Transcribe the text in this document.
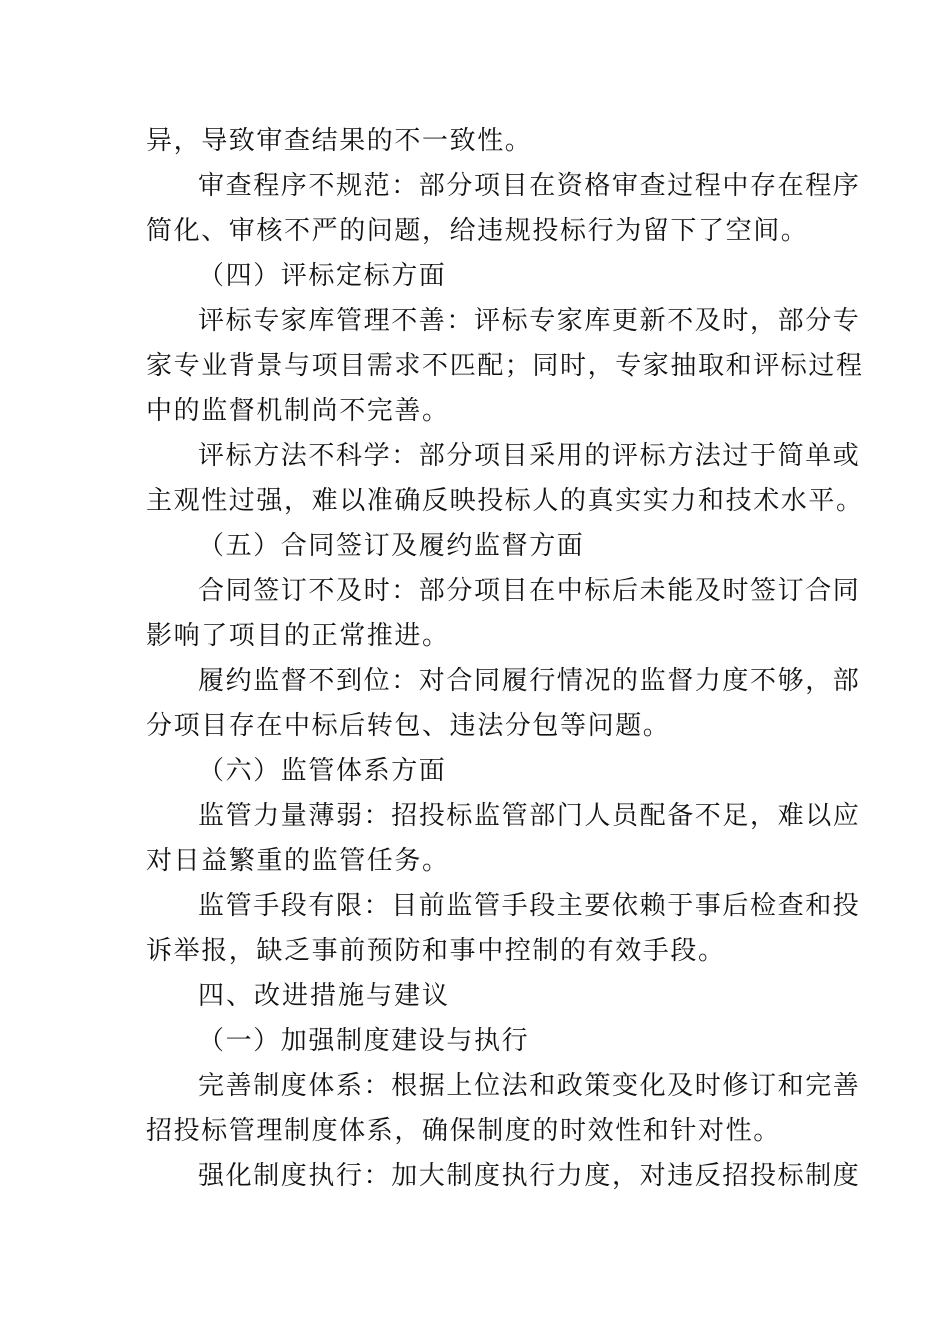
异，导致审查结果的不一致性。
审查程序不规范：部分项目在资格审查过程中存在程序
简化、审核不严的问题，给违规投标行为留下了空间。
（四）评标定标方面
评标专家库管理不善：评标专家库更新不及时，部分专
家专业背景与项目需求不匹配；同时，专家抽取和评标过程
中的监督机制尚不完善。
评标方法不科学：部分项目采用的评标方法过于简单或
主观性过强，难以准确反映投标人的真实实力和技术水平。
（五）合同签订及履约监督方面
合同签订不及时：部分项目在中标后未能及时签订合同
影响了项目的正常推进。
履约监督不到位：对合同履行情况的监督力度不够，部
分项目存在中标后转包、违法分包等问题。
（六）监管体系方面
监管力量薄弱：招投标监管部门人员配备不足，难以应
对日益繁重的监管任务。
监管手段有限：目前监管手段主要依赖于事后检查和投
诉举报，缺乏事前预防和事中控制的有效手段。
四、改进措施与建议
（一）加强制度建设与执行
完善制度体系：根据上位法和政策变化及时修订和完善
招投标管理制度体系，确保制度的时效性和针对性。
强化制度执行：加大制度执行力度，对违反招投标制度
